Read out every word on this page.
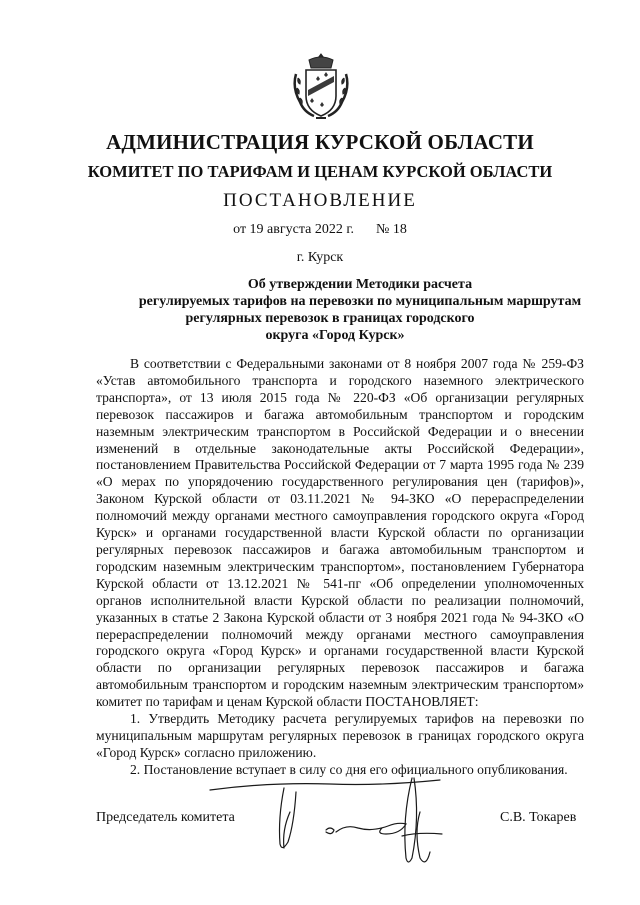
АДМИНИСТРАЦИЯ КУРСКОЙ ОБЛАСТИ
КОМИТЕТ ПО ТАРИФАМ И ЦЕНАМ КУРСКОЙ ОБЛАСТИ
ПОСТАНОВЛЕНИЕ
от 19 августа 2022 г. № 18
г. Курск
Об утверждении Методики расчета
регулируемых тарифов на перевозки по муниципальным маршрутам
регулярных перевозок в границах городского
округа «Город Курск»

В соответствии с Федеральными законами от 8 ноября 2007 года № 259-ФЗ «Устав автомобильного транспорта и городского наземного электрического транспорта», от 13 июля 2015 года № 220-ФЗ «Об организации регулярных перевозок пассажиров и багажа автомобильным транспортом и городским наземным электрическим транспортом в Российской Федерации и о внесении изменений в отдельные законодательные акты Российской Федерации», постановлением Правительства Российской Федерации от 7 марта 1995 года № 239 «О мерах по упорядочению государственного регулирования цен (тарифов)», Законом Курской области от 03.11.2021 № 94-ЗКО «О перераспределении полномочий между органами местного самоуправления городского округа «Город Курск» и органами государственной власти Курской области по организации регулярных перевозок пассажиров и багажа автомобильным транспортом и городским наземным электрическим транспортом», постановлением Губернатора Курской области от 13.12.2021 № 541-пг «Об определении уполномоченных органов исполнительной власти Курской области по реализации полномочий, указанных в статье 2 Закона Курской области от 3 ноября 2021 года № 94-ЗКО «О перераспределении полномочий между органами местного самоуправления городского округа «Город Курск» и органами государственной власти Курской области по организации регулярных перевозок пассажиров и багажа автомобильным транспортом и городским наземным электрическим транспортом» комитет по тарифам и ценам Курской области ПОСТАНОВЛЯЕТ:

1. Утвердить Методику расчета регулируемых тарифов на перевозки по муниципальным маршрутам регулярных перевозок в границах городского округа «Город Курск» согласно приложению.

2. Постановление вступает в силу со дня его официального опубликования.

Председатель комитета	С.В. Токарев
